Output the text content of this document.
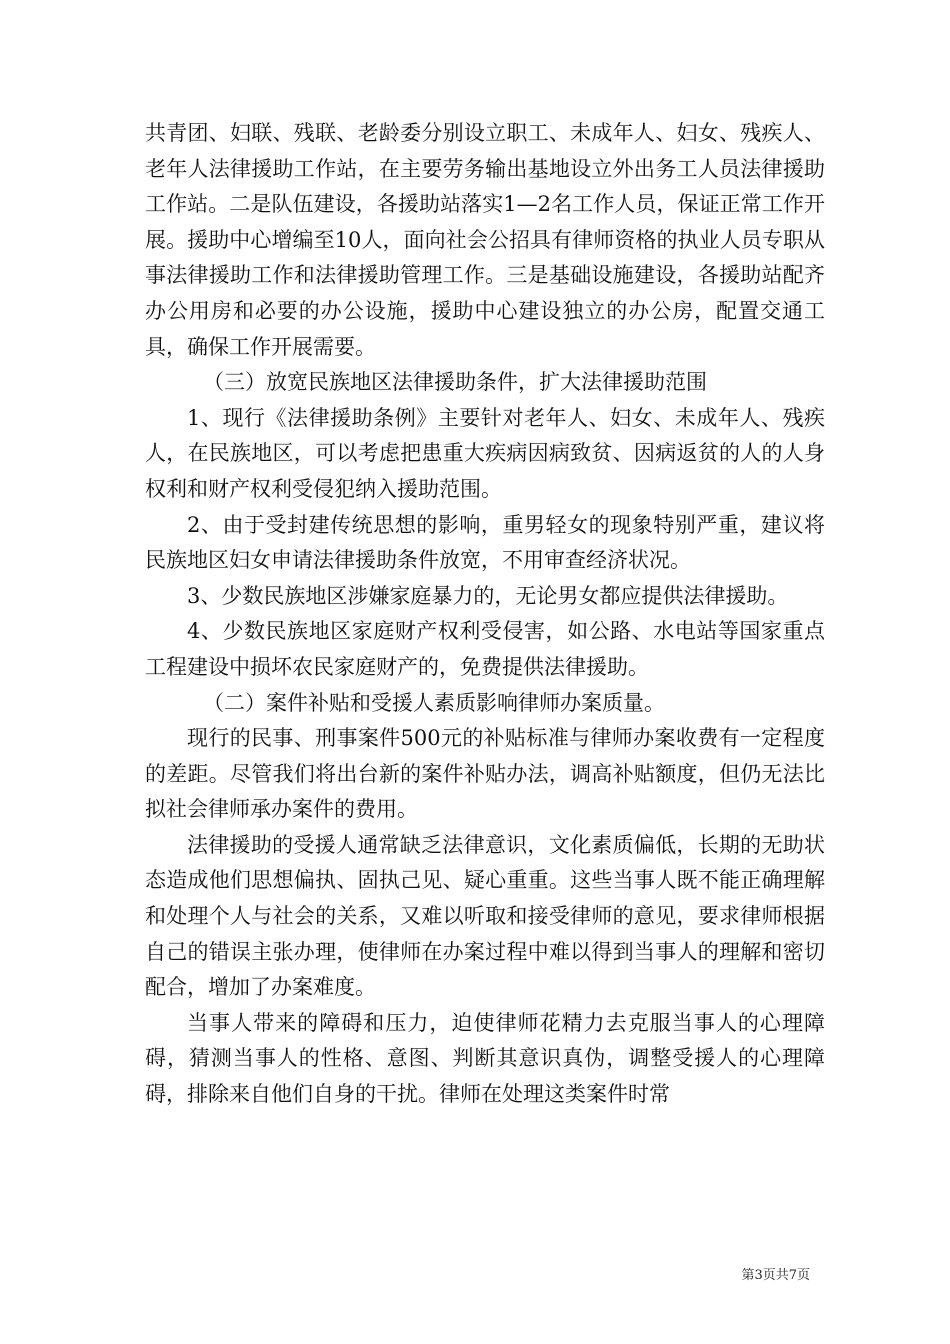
共青团、妇联、残联、老龄委分别设立职工、未成年人、妇女、残疾人、老年人法律援助工作站，在主要劳务输出基地设立外出务工人员法律援助工作站。二是队伍建设，各援助站落实1—2名工作人员，保证正常工作开展。援助中心增编至10人，面向社会公招具有律师资格的执业人员专职从事法律援助工作和法律援助管理工作。三是基础设施建设，各援助站配齐办公用房和必要的办公设施，援助中心建设独立的办公房，配置交通工具，确保工作开展需要。

（三）放宽民族地区法律援助条件，扩大法律援助范围

1、现行《法律援助条例》主要针对老年人、妇女、未成年人、残疾人，在民族地区，可以考虑把患重大疾病因病致贫、因病返贫的人的人身权利和财产权利受侵犯纳入援助范围。

2、由于受封建传统思想的影响，重男轻女的现象特别严重，建议将民族地区妇女申请法律援助条件放宽，不用审查经济状况。

3、少数民族地区涉嫌家庭暴力的，无论男女都应提供法律援助。

4、少数民族地区家庭财产权利受侵害，如公路、水电站等国家重点工程建设中损坏农民家庭财产的，免费提供法律援助。

（二）案件补贴和受援人素质影响律师办案质量。

现行的民事、刑事案件500元的补贴标准与律师办案收费有一定程度的差距。尽管我们将出台新的案件补贴办法，调高补贴额度，但仍无法比拟社会律师承办案件的费用。

法律援助的受援人通常缺乏法律意识，文化素质偏低，长期的无助状态造成他们思想偏执、固执己见、疑心重重。这些当事人既不能正确理解和处理个人与社会的关系，又难以听取和接受律师的意见，要求律师根据自己的错误主张办理，使律师在办案过程中难以得到当事人的理解和密切配合，增加了办案难度。

当事人带来的障碍和压力，迫使律师花精力去克服当事人的心理障碍，猜测当事人的性格、意图、判断其意识真伪，调整受援人的心理障碍，排除来自他们自身的干扰。律师在处理这类案件时常

第3页共7页
